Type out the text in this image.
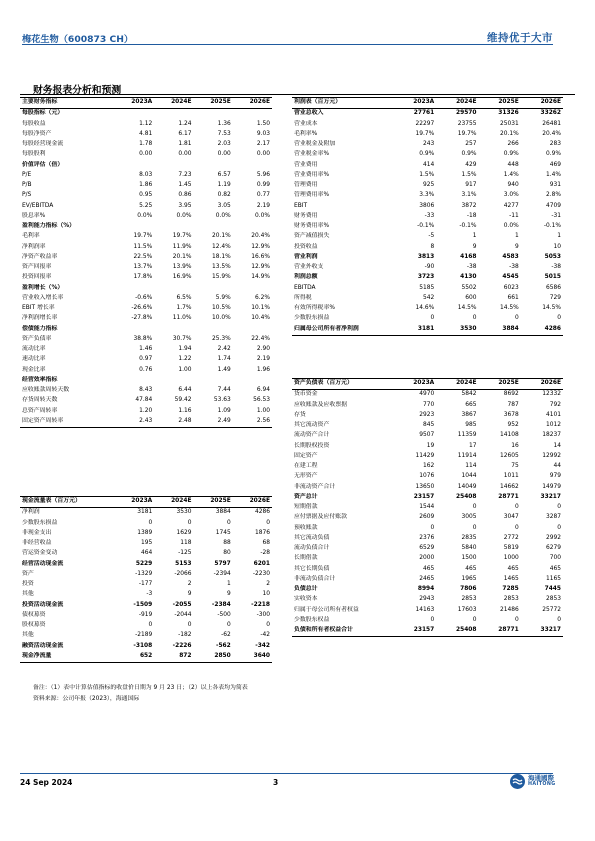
梅花生物（600873 CH）	维持优于大市
财务报表分析和预测
主要财务指标	2023A	2024E	2025E	2026E
每股指标（元）				
每股收益	1.12	1.24	1.36	1.50
每股净资产	4.81	6.17	7.53	9.03
每股经营现金流	1.78	1.81	2.03	2.17
每股股利	0.00	0.00	0.00	0.00
价值评估（倍）				
P/E	8.03	7.23	6.57	5.96
P/B	1.86	1.45	1.19	0.99
P/S	0.95	0.86	0.82	0.77
EV/EBITDA	5.25	3.95	3.05	2.19
股息率%	0.0%	0.0%	0.0%	0.0%
盈利能力指标（%）				
毛利率	19.7%	19.7%	20.1%	20.4%
净利润率	11.5%	11.9%	12.4%	12.9%
净资产收益率	22.5%	20.1%	18.1%	16.6%
资产回报率	13.7%	13.9%	13.5%	12.9%
投资回报率	17.8%	16.9%	15.9%	14.9%
盈利增长（%）				
营业收入增长率	-0.6%	6.5%	5.9%	6.2%
EBIT 增长率	-26.6%	1.7%	10.5%	10.1%
净利润增长率	-27.8%	11.0%	10.0%	10.4%
偿债能力指标				
资产负债率	38.8%	30.7%	25.3%	22.4%
流动比率	1.46	1.94	2.42	2.90
速动比率	0.97	1.22	1.74	2.19
现金比率	0.76	1.00	1.49	1.96
经营效率指标				
应收账款周转天数	8.43	6.44	7.44	6.94
存货周转天数	47.84	59.42	53.63	56.53
总资产周转率	1.20	1.16	1.09	1.00
固定资产周转率	2.43	2.48	2.49	2.56
利润表（百万元）	2023A	2024E	2025E	2026E
营业总收入	27761	29570	31326	33262
营业成本	22297	23755	25031	26481
毛利率%	19.7%	19.7%	20.1%	20.4%
营业税金及附加	243	257	266	283
营业税金率%	0.9%	0.9%	0.9%	0.9%
营业费用	414	429	448	469
营业费用率%	1.5%	1.5%	1.4%	1.4%
管理费用	925	917	940	931
管理费用率%	3.3%	3.1%	3.0%	2.8%
EBIT	3806	3872	4277	4709
财务费用	-33	-18	-11	-31
财务费用率%	-0.1%	-0.1%	0.0%	-0.1%
资产减值损失	-5	1	1	1
投资收益	8	9	9	10
营业利润	3813	4168	4583	5053
营业外收支	-90	-38	-38	-38
利润总额	3723	4130	4545	5015
EBITDA	5185	5502	6023	6586
所得税	542	600	661	729
有效所得税率%	14.6%	14.5%	14.5%	14.5%
少数股东损益	0	0	0	0
归属母公司所有者净利润	3181	3530	3884	4286
资产负债表（百万元）	2023A	2024E	2025E	2026E
货币资金	4970	5842	8692	12332
应收账款及应收票据	770	665	787	792
存货	2923	3867	3678	4101
其它流动资产	845	985	952	1012
流动资产合计	9507	11359	14108	18237
长期股权投资	19	17	16	14
固定资产	11429	11914	12605	12992
在建工程	162	114	75	44
无形资产	1076	1044	1011	979
非流动资产合计	13650	14049	14662	14979
资产总计	23157	25408	28771	33217
短期借款	1544	0	0	0
应付票据及应付账款	2609	3005	3047	3287
预收账款	0	0	0	0
其它流动负债	2376	2835	2772	2992
流动负债合计	6529	5840	5819	6279
长期借款	2000	1500	1000	700
其它长期负债	465	465	465	465
非流动负债合计	2465	1965	1465	1165
负债总计	8994	7806	7285	7445
实收资本	2943	2853	2853	2853
归属于母公司所有者权益	14163	17603	21486	25772
少数股东权益	0	0	0	0
负债和所有者权益合计	23157	25408	28771	33217
现金流量表（百万元）	2023A	2024E	2025E	2026E
净利润	3181	3530	3884	4286
少数股东损益	0	0	0	0
非现金支出	1389	1629	1745	1876
非经营收益	195	118	88	68
营运资金变动	464	-125	80	-28
经营活动现金流	5229	5153	5797	6201
资产	-1329	-2066	-2394	-2230
投资	-177	2	1	2
其他	-3	9	9	10
投资活动现金流	-1509	-2055	-2384	-2218
债权募资	-919	-2044	-500	-300
股权募资	0	0	0	0
其他	-2189	-182	-62	-42
融资活动现金流	-3108	-2226	-562	-342
现金净流量	652	872	2850	3640
备注：（1）表中计算估值指标的收盘价日期为 9 月 23 日；（2）以上各表均为简表
资料来源：公司年报（2023），海通国际
24 Sep 2024	3	海通國際
HAITONG
